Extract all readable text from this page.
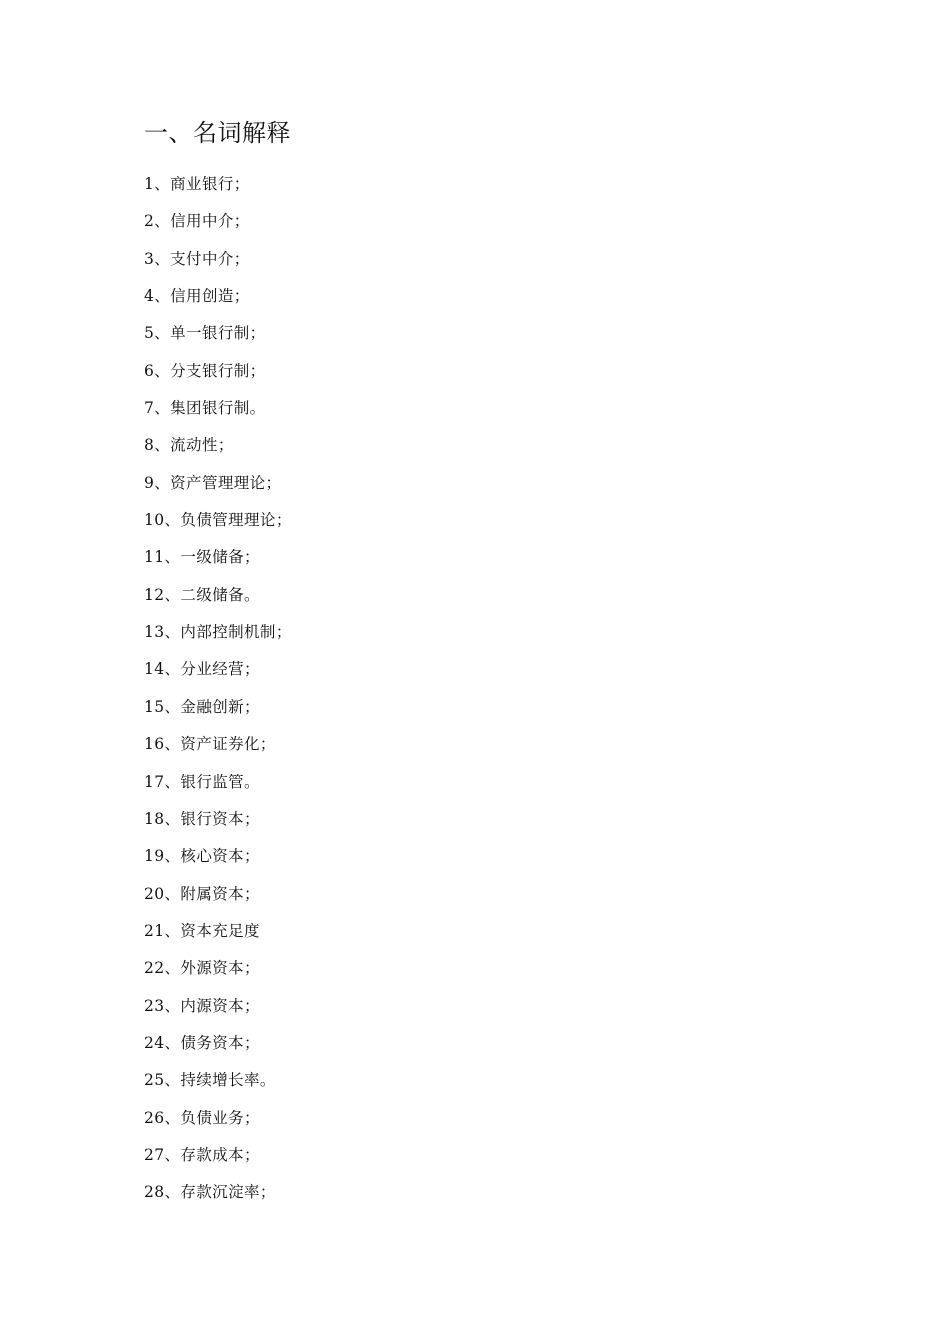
一、名词解释
1、商业银行；
2、信用中介；
3、支付中介；
4、信用创造；
5、单一银行制；
6、分支银行制；
7、集团银行制。
8、流动性；
9、资产管理理论；
10、负债管理理论；
11、一级储备；
12、二级储备。
13、内部控制机制；
14、分业经营；
15、金融创新；
16、资产证券化；
17、银行监管。
18、银行资本；
19、核心资本；
20、附属资本；
21、资本充足度
22、外源资本；
23、内源资本；
24、债务资本；
25、持续增长率。
26、负债业务；
27、存款成本；
28、存款沉淀率；
